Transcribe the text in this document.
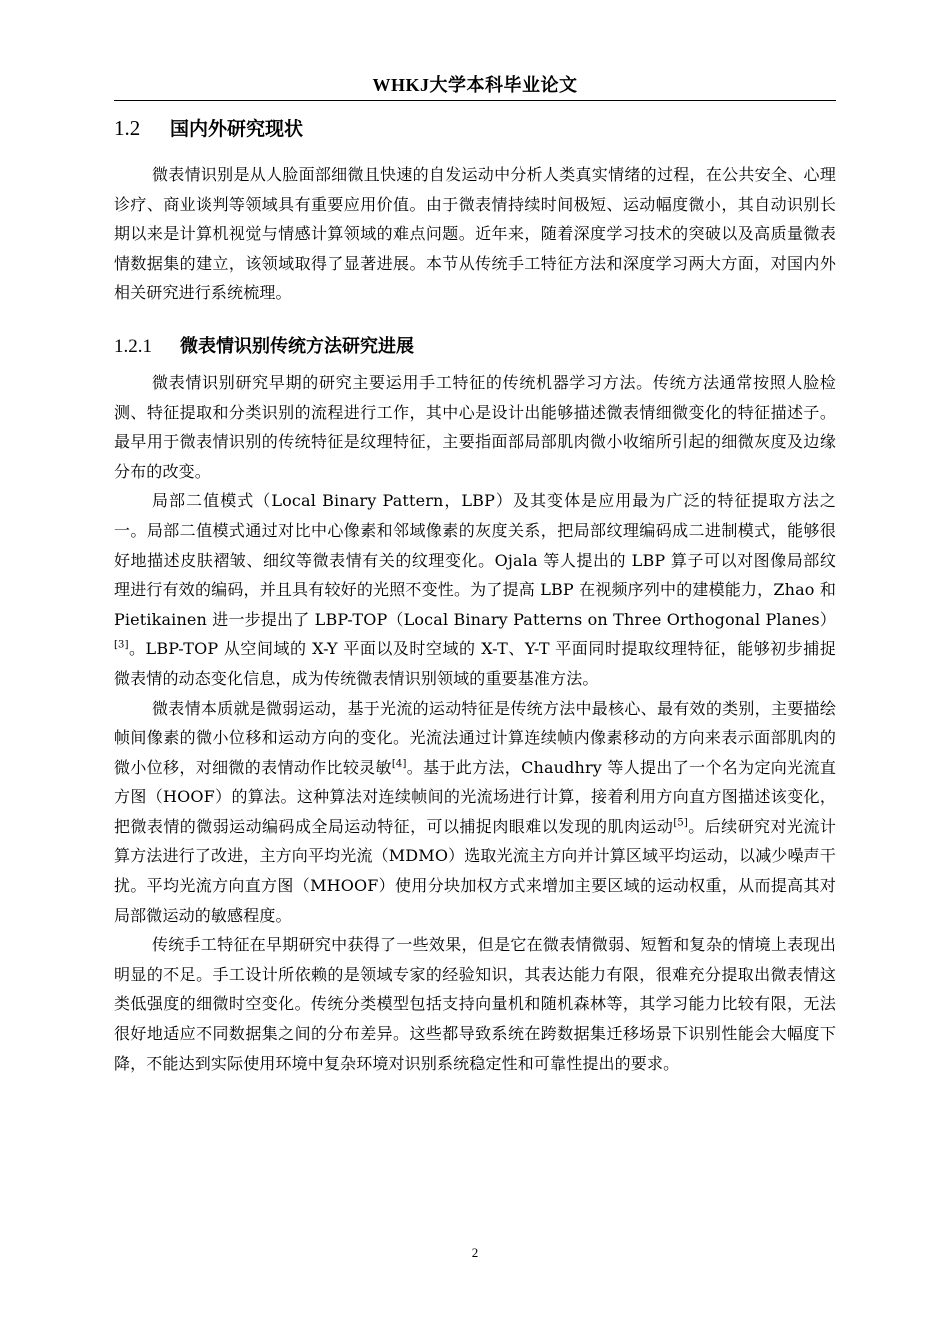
WHKJ大学本科毕业论文
1.2 国内外研究现状

微表情识别是从人脸面部细微且快速的自发运动中分析人类真实情绪的过程，在公共安全、心理诊疗、商业谈判等领域具有重要应用价值。由于微表情持续时间极短、运动幅度微小，其自动识别长期以来是计算机视觉与情感计算领域的难点问题。近年来，随着深度学习技术的突破以及高质量微表情数据集的建立，该领域取得了显著进展。本节从传统手工特征方法和深度学习两大方面，对国内外相关研究进行系统梳理。

1.2.1 微表情识别传统方法研究进展

微表情识别研究早期的研究主要运用手工特征的传统机器学习方法。传统方法通常按照人脸检测、特征提取和分类识别的流程进行工作，其中心是设计出能够描述微表情细微变化的特征描述子。最早用于微表情识别的传统特征是纹理特征，主要指面部局部肌肉微小收缩所引起的细微灰度及边缘分布的改变。

局部二值模式（Local Binary Pattern，LBP）及其变体是应用最为广泛的特征提取方法之一。局部二值模式通过对比中心像素和邻域像素的灰度关系，把局部纹理编码成二进制模式，能够很好地描述皮肤褶皱、细纹等微表情有关的纹理变化。Ojala 等人提出的 LBP 算子可以对图像局部纹理进行有效的编码，并且具有较好的光照不变性。为了提高 LBP 在视频序列中的建模能力，Zhao 和 Pietikainen 进一步提出了 LBP-TOP（Local Binary Patterns on Three Orthogonal Planes）[3]。LBP-TOP 从空间域的 X-Y 平面以及时空域的 X-T、Y-T 平面同时提取纹理特征，能够初步捕捉微表情的动态变化信息，成为传统微表情识别领域的重要基准方法。

微表情本质就是微弱运动，基于光流的运动特征是传统方法中最核心、最有效的类别，主要描绘帧间像素的微小位移和运动方向的变化。光流法通过计算连续帧内像素移动的方向来表示面部肌肉的微小位移，对细微的表情动作比较灵敏[4]。基于此方法，Chaudhry 等人提出了一个名为定向光流直方图（HOOF）的算法。这种算法对连续帧间的光流场进行计算，接着利用方向直方图描述该变化，把微表情的微弱运动编码成全局运动特征，可以捕捉肉眼难以发现的肌肉运动[5]。后续研究对光流计算方法进行了改进，主方向平均光流（MDMO）选取光流主方向并计算区域平均运动，以减少噪声干扰。平均光流方向直方图（MHOOF）使用分块加权方式来增加主要区域的运动权重，从而提高其对局部微运动的敏感程度。

传统手工特征在早期研究中获得了一些效果，但是它在微表情微弱、短暂和复杂的情境上表现出明显的不足。手工设计所依赖的是领域专家的经验知识，其表达能力有限，很难充分提取出微表情这类低强度的细微时空变化。传统分类模型包括支持向量机和随机森林等，其学习能力比较有限，无法很好地适应不同数据集之间的分布差异。这些都导致系统在跨数据集迁移场景下识别性能会大幅度下降，不能达到实际使用环境中复杂环境对识别系统稳定性和可靠性提出的要求。

2
